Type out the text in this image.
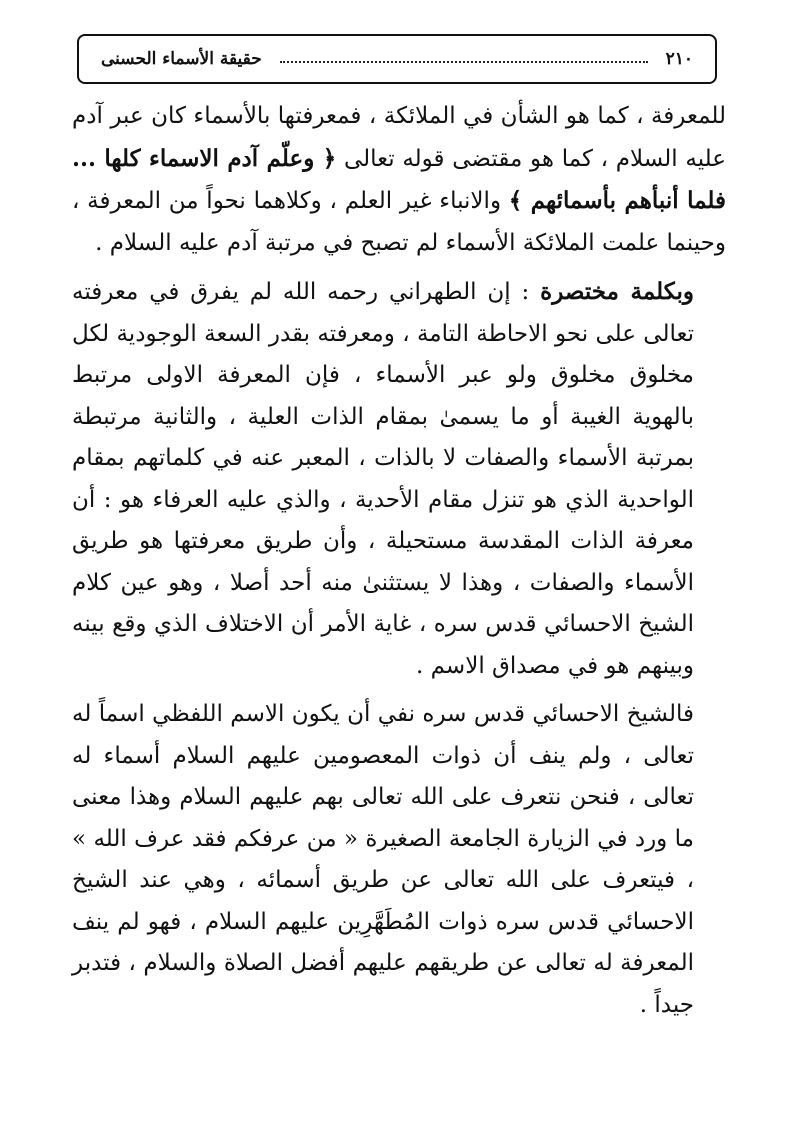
٢١٠
حقيقة الأسماء الحسنى

للمعرفة ، كما هو الشأن في الملائكة ، فمعرفتها بالأسماء كان عبر آدم عليه السلام ، كما هو مقتضى قوله تعالى ﴿ وعلّم آدم الاسماء كلها ... فلما أنبأهم بأسمائهم ﴾ والانباء غير العلم ، وكلاهما نحواً من المعرفة ، وحينما علمت الملائكة الأسماء لم تصبح في مرتبة آدم عليه السلام .

وبكلمة مختصرة : إن الطهراني رحمه الله لم يفرق في معرفته تعالى على نحو الاحاطة التامة ، ومعرفته بقدر السعة الوجودية لكل مخلوق مخلوق ولو عبر الأسماء ، فإن المعرفة الاولى مرتبط بالهوية الغيبة أو ما يسمىٰ بمقام الذات العلية ، والثانية مرتبطة بمرتبة الأسماء والصفات لا بالذات ، المعبر عنه في كلماتهم بمقام الواحدية الذي هو تنزل مقام الأحدية ، والذي عليه العرفاء هو : أن معرفة الذات المقدسة مستحيلة ، وأن طريق معرفتها هو طريق الأسماء والصفات ، وهذا لا يستثنىٰ منه أحد أصلا ، وهو عين كلام الشيخ الاحسائي قدس سره ، غاية الأمر أن الاختلاف الذي وقع بينه وبينهم هو في مصداق الاسم .

فالشيخ الاحسائي قدس سره نفي أن يكون الاسم اللفظي اسماً له تعالى ، ولم ينف أن ذوات المعصومين عليهم السلام أسماء له تعالى ، فنحن نتعرف على الله تعالى بهم عليهم السلام وهذا معنى ما ورد في الزيارة الجامعة الصغيرة « من عرفكم فقد عرف الله » ، فيتعرف على الله تعالى عن طريق أسمائه ، وهي عند الشيخ الاحسائي قدس سره ذوات المُطَهَّرِين عليهم السلام ، فهو لم ينف المعرفة له تعالى عن طريقهم عليهم أفضل الصلاة والسلام ، فتدبر جيداً .
